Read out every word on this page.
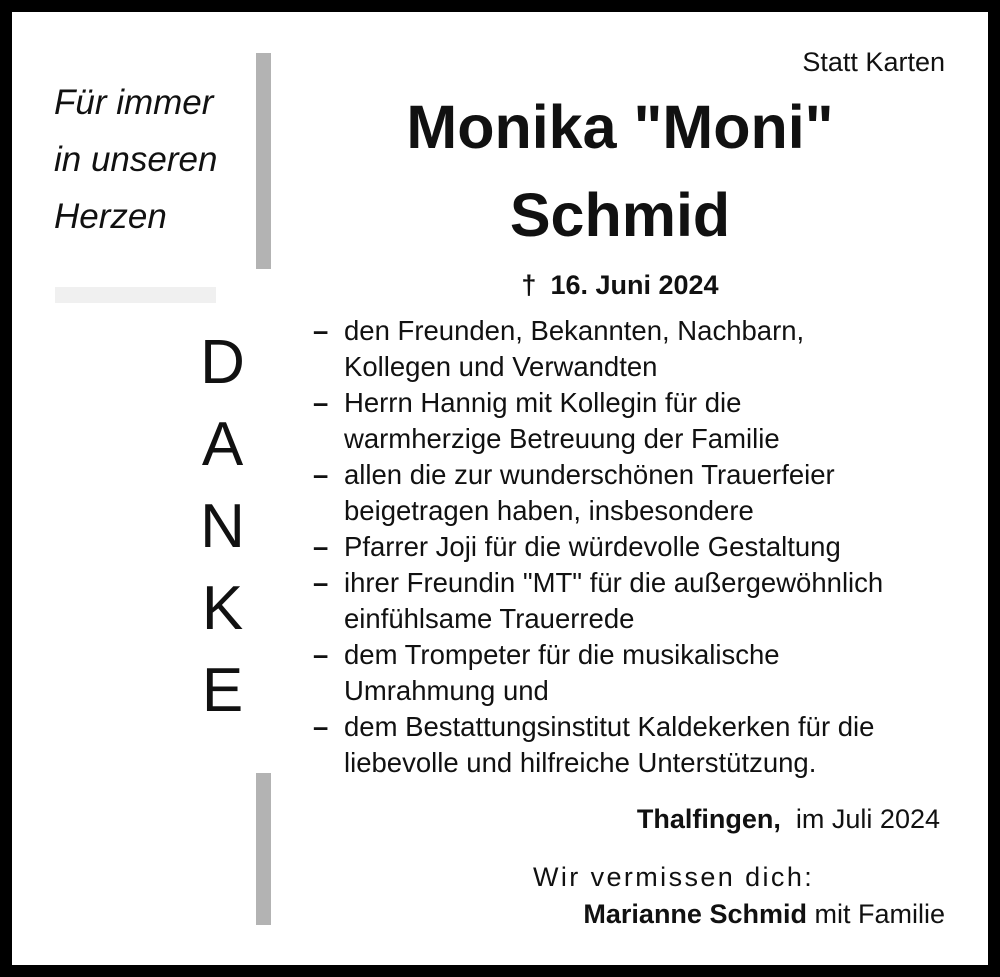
Für immer
in unseren
Herzen
D
A
N
K
E
Statt Karten
Monika "Moni"
Schmid
† 16. Juni 2024
– den Freunden, Bekannten, Nachbarn,
Kollegen und Verwandten
– Herrn Hannig mit Kollegin für die
warmherzige Betreuung der Familie
– allen die zur wunderschönen Trauerfeier
beigetragen haben, insbesondere
– Pfarrer Joji für die würdevolle Gestaltung
– ihrer Freundin "MT" für die außergewöhnlich
einfühlsame Trauerrede
– dem Trompeter für die musikalische
Umrahmung und
– dem Bestattungsinstitut Kaldekerken für die
liebevolle und hilfreiche Unterstützung.
Thalfingen, im Juli 2024
Wir vermissen dich:
Marianne Schmid mit Familie
